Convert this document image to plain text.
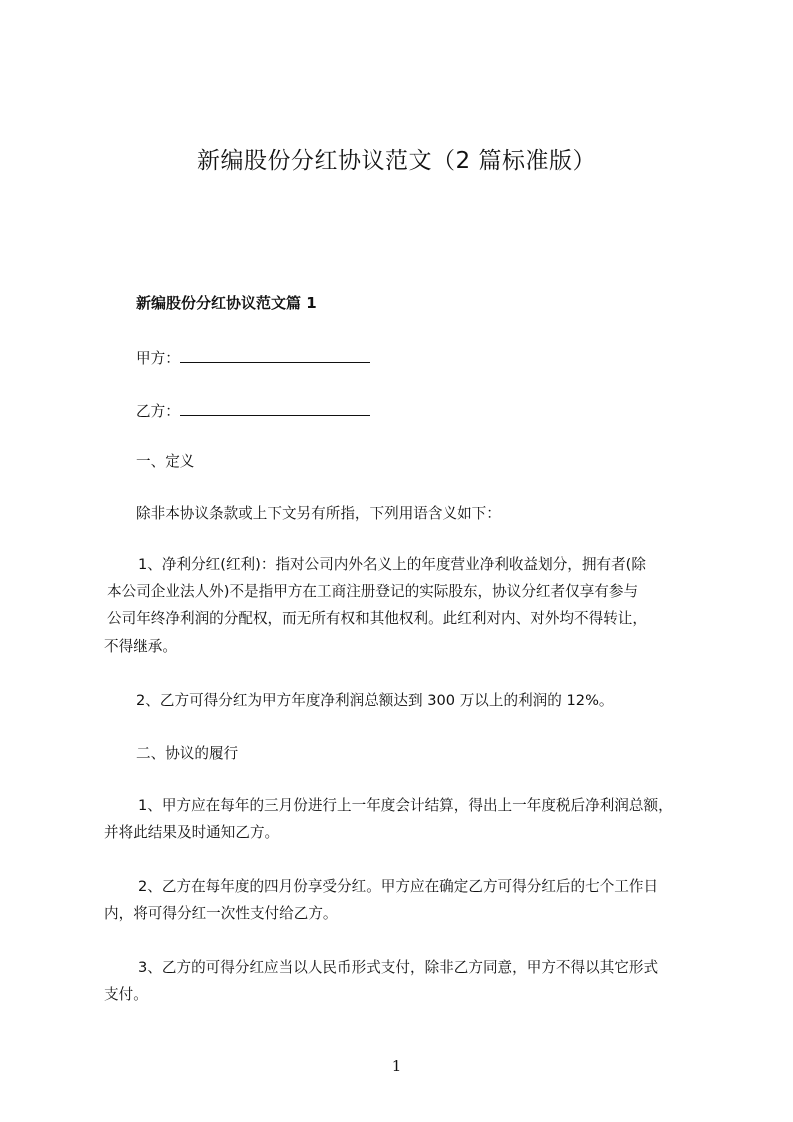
新编股份分红协议范文（2 篇标准版）
新编股份分红协议范文篇 1
甲方：
乙方：
一、定义
除非本协议条款或上下文另有所指，下列用语含义如下：
1、净利分红(红利)：指对公司内外名义上的年度营业净利收益划分，拥有者(除
本公司企业法人外)不是指甲方在工商注册登记的实际股东，协议分红者仅享有参与
公司年终净利润的分配权，而无所有权和其他权利。此红利对内、对外均不得转让，
不得继承。
2、乙方可得分红为甲方年度净利润总额达到 300 万以上的利润的 12%。
二、协议的履行
1、甲方应在每年的三月份进行上一年度会计结算，得出上一年度税后净利润总额，
并将此结果及时通知乙方。
2、乙方在每年度的四月份享受分红。甲方应在确定乙方可得分红后的七个工作日
内，将可得分红一次性支付给乙方。
3、乙方的可得分红应当以人民币形式支付，除非乙方同意，甲方不得以其它形式
支付。
1
